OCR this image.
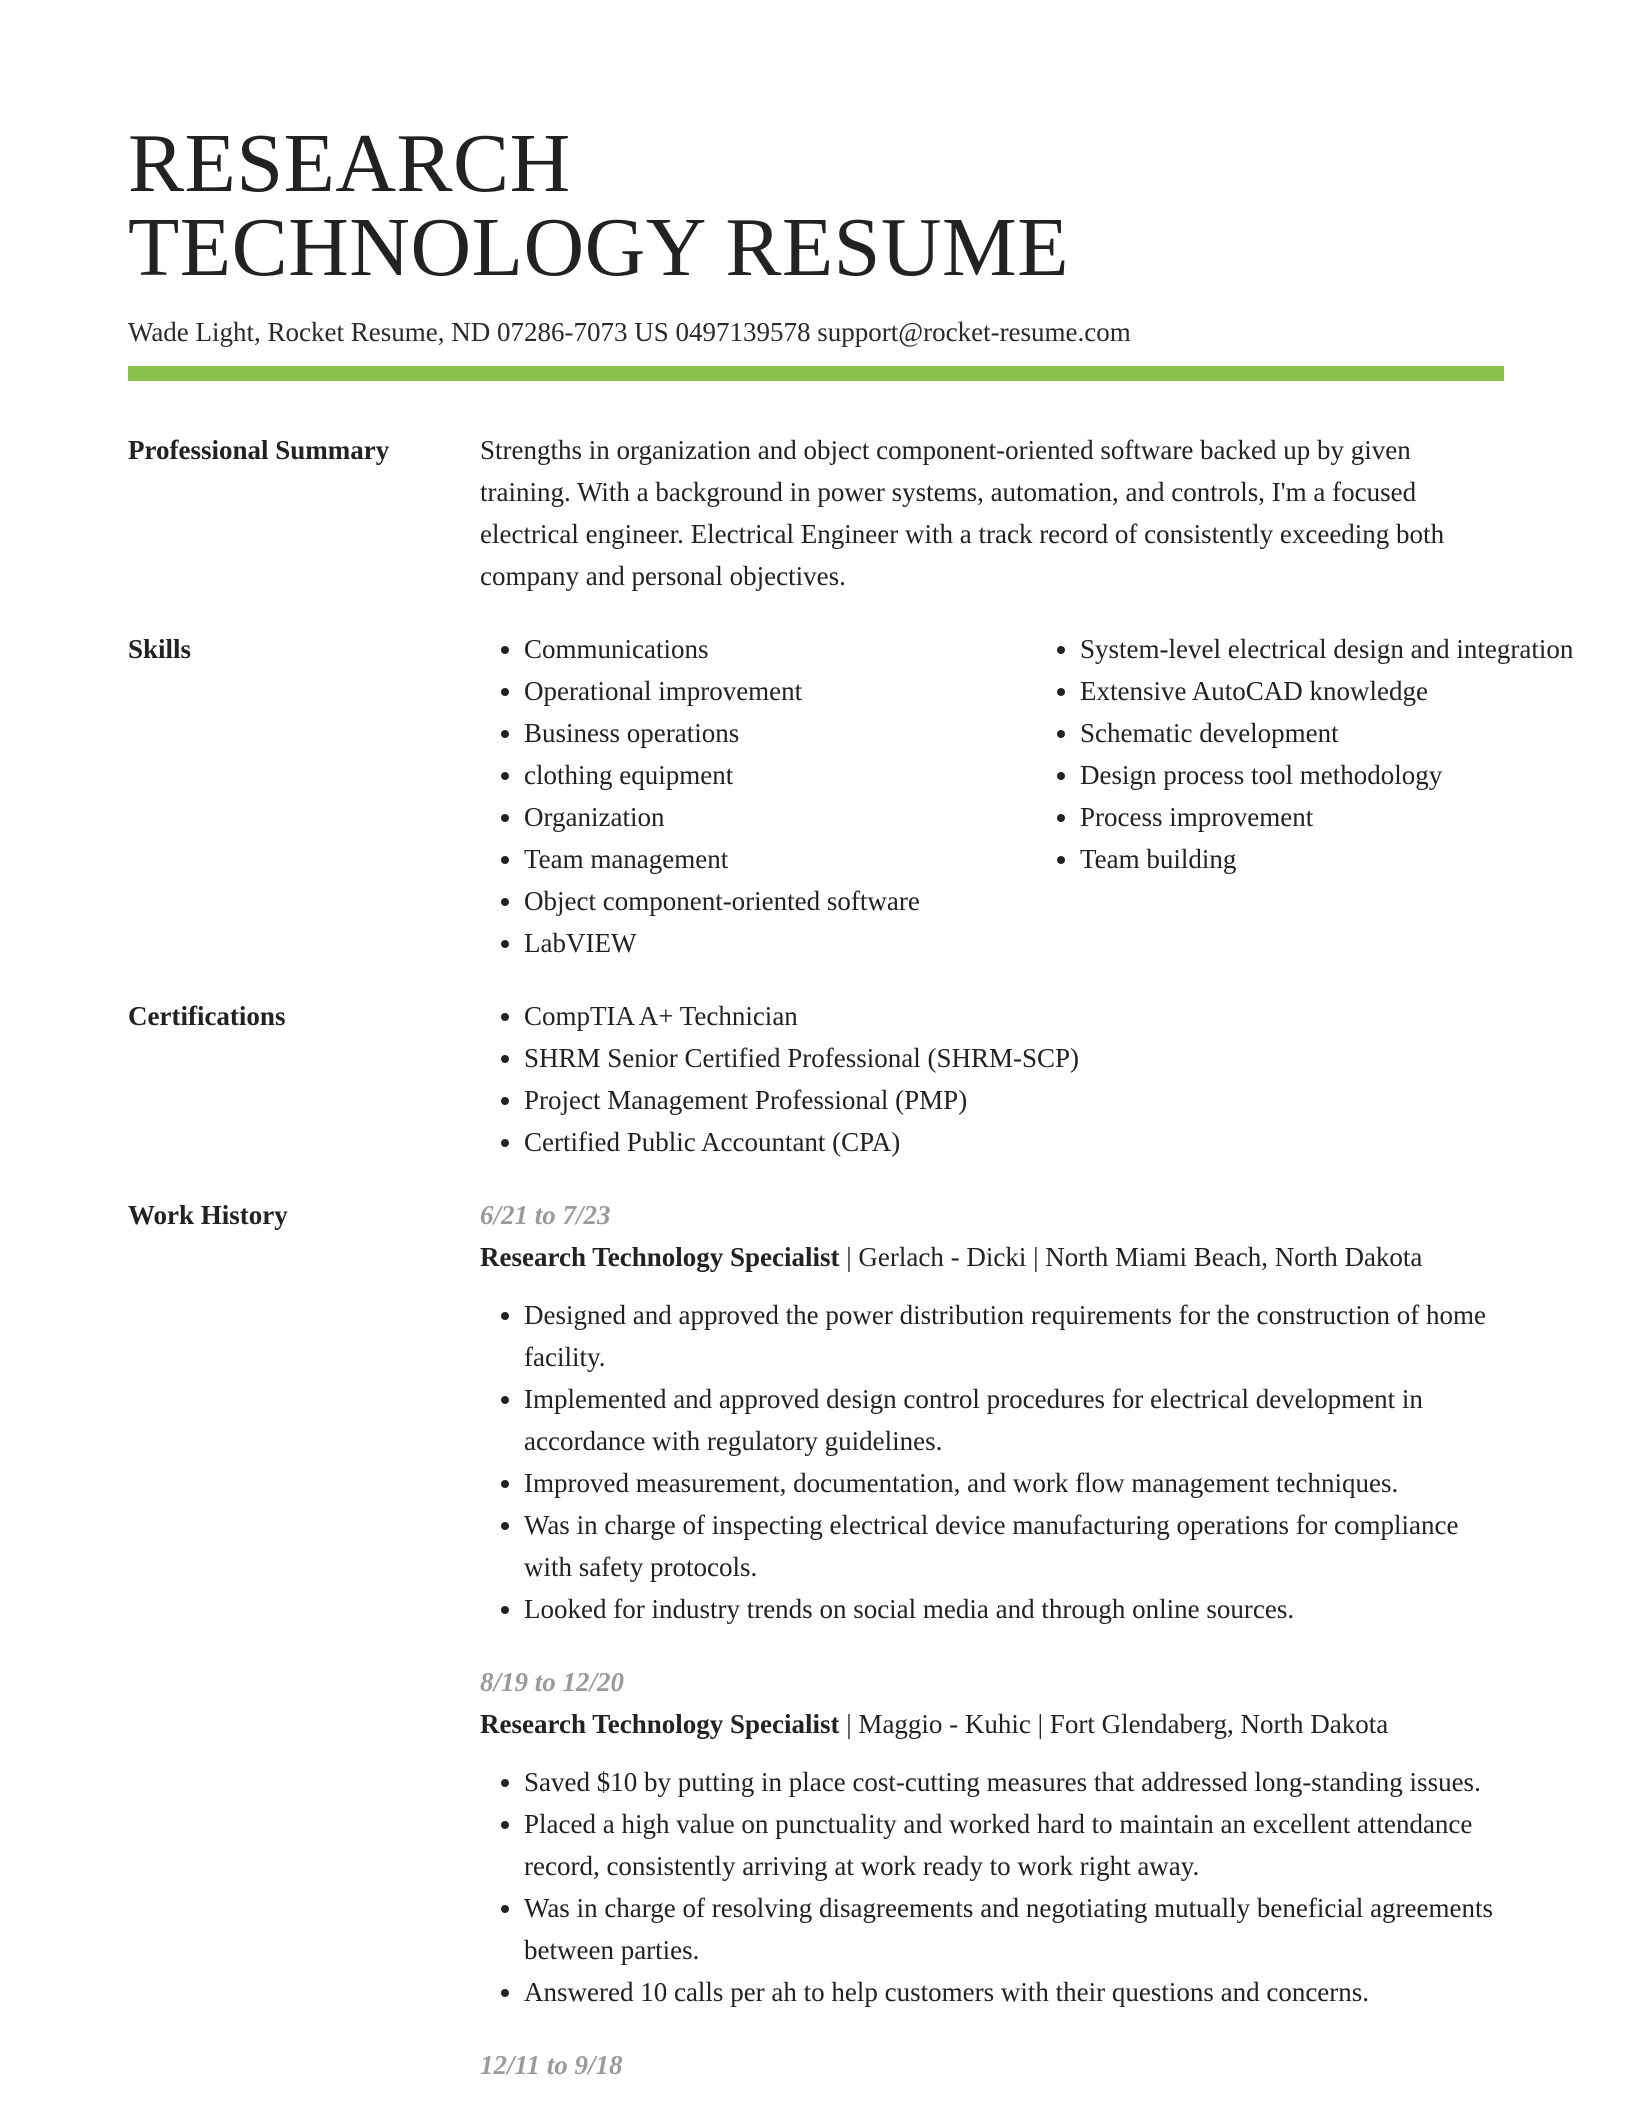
RESEARCH
TECHNOLOGY RESUME
Wade Light, Rocket Resume, ND 07286-7073 US 0497139578 support@rocket-resume.com
Professional Summary	Strengths in organization and object component-oriented software backed up by given training. With a background in power systems, automation, and controls, I'm a focused electrical engineer. Electrical Engineer with a track record of consistently exceeding both company and personal objectives.

Skills	• Communications
• Operational improvement
• Business operations
• clothing equipment
• Organization
• Team management
• Object component-oriented software
• LabVIEW
• System-level electrical design and integration
• Extensive AutoCAD knowledge
• Schematic development
• Design process tool methodology
• Process improvement
• Team building
Certifications	• CompTIA A+ Technician
• SHRM Senior Certified Professional (SHRM-SCP)
• Project Management Professional (PMP)
• Certified Public Accountant (CPA)
Work History	6/21 to 7/23
Research Technology Specialist | Gerlach - Dicki | North Miami Beach, North Dakota
• Designed and approved the power distribution requirements for the construction of home facility.
• Implemented and approved design control procedures for electrical development in accordance with regulatory guidelines.
• Improved measurement, documentation, and work flow management techniques.
• Was in charge of inspecting electrical device manufacturing operations for compliance with safety protocols.
• Looked for industry trends on social media and through online sources.
8/19 to 12/20
Research Technology Specialist | Maggio - Kuhic | Fort Glendaberg, North Dakota
• Saved $10 by putting in place cost-cutting measures that addressed long-standing issues.
• Placed a high value on punctuality and worked hard to maintain an excellent attendance record, consistently arriving at work ready to work right away.
• Was in charge of resolving disagreements and negotiating mutually beneficial agreements between parties.
• Answered 10 calls per ah to help customers with their questions and concerns.
12/11 to 9/18
